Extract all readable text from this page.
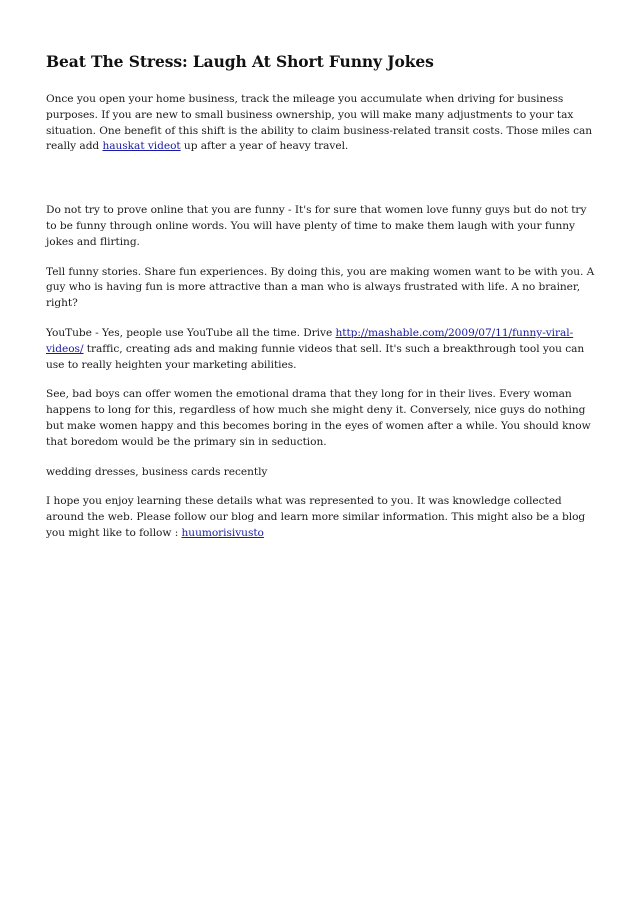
Beat The Stress: Laugh At Short Funny Jokes

Once you open your home business, track the mileage you accumulate when driving for business purposes. If you are new to small business ownership, you will make many adjustments to your tax situation. One benefit of this shift is the ability to claim business-related transit costs. Those miles can really add hauskat videot up after a year of heavy travel.

Do not try to prove online that you are funny - It's for sure that women love funny guys but do not try to be funny through online words. You will have plenty of time to make them laugh with your funny jokes and flirting.

Tell funny stories. Share fun experiences. By doing this, you are making women want to be with you. A guy who is having fun is more attractive than a man who is always frustrated with life. A no brainer, right?

YouTube - Yes, people use YouTube all the time. Drive http://mashable.com/2009/07/11/funny-viral-videos/ traffic, creating ads and making funnie videos that sell. It's such a breakthrough tool you can use to really heighten your marketing abilities.

See, bad boys can offer women the emotional drama that they long for in their lives. Every woman happens to long for this, regardless of how much she might deny it. Conversely, nice guys do nothing but make women happy and this becomes boring in the eyes of women after a while. You should know that boredom would be the primary sin in seduction.

wedding dresses, business cards recently

I hope you enjoy learning these details what was represented to you. It was knowledge collected around the web. Please follow our blog and learn more similar information. This might also be a blog you might like to follow : huumorisivusto
